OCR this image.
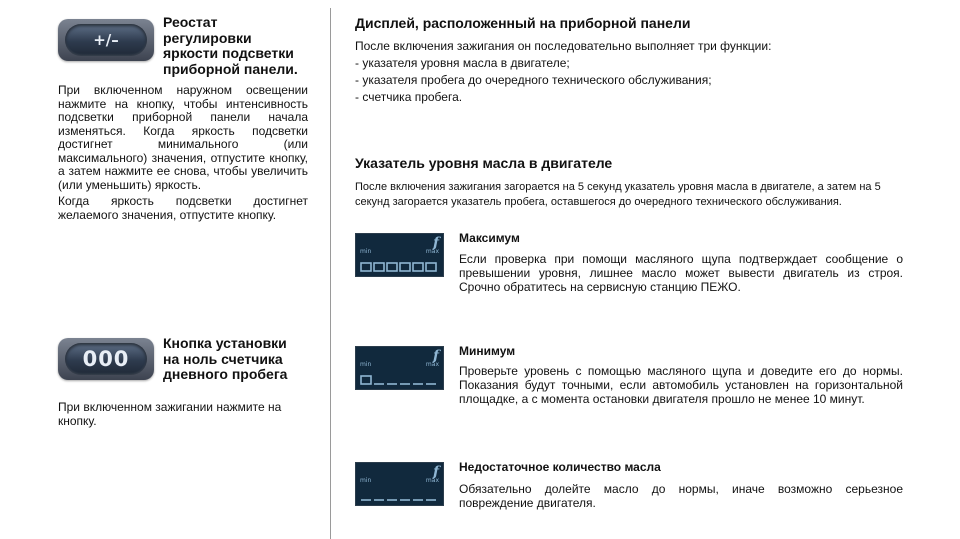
+/–
Реостат
регулировки
яркости подсветки
приборной панели.
При включенном наружном освещении нажмите на кнопку, чтобы интенсивность подсветки приборной панели начала изменяться. Когда яркость подсветки достигнет минимального (или максимального) значения, отпустите кнопку, а затем нажмите ее снова, чтобы увеличить (или уменьшить) яркость.
Когда яркость подсветки достигнет желаемого значения, отпустите кнопку.
000
Кнопка установки
на ноль счетчика
дневного пробега
При включенном зажигании нажмите на кнопку.
Дисплей, расположенный на приборной панели
После включения зажигания он последовательно выполняет три функции:
- указателя уровня масла в двигателе;
- указателя пробега до очередного технического обслуживания;
- счетчика пробега.
Указатель уровня масла в двигателе
После включения зажигания загорается на 5 секунд указатель уровня масла в двигателе, а затем на 5 секунд загорается указатель пробега, оставшегося до очередного технического обслуживания.
f
min	max
Максимум
Если проверка при помощи масляного щупа подтверждает сообщение о превышении уровня, лишнее масло может вывести двигатель из строя. Срочно обратитесь на сервисную станцию ПЕЖО.
f
min	max
Минимум
Проверьте уровень с помощью масляного щупа и доведите его до нормы. Показания будут точными, если автомобиль установлен на горизонтальной площадке, а с момента остановки двигателя прошло не менее 10 минут.
f
min	max
Недостаточное количество масла
Обязательно долейте масло до нормы, иначе возможно серьезное повреждение двигателя.
